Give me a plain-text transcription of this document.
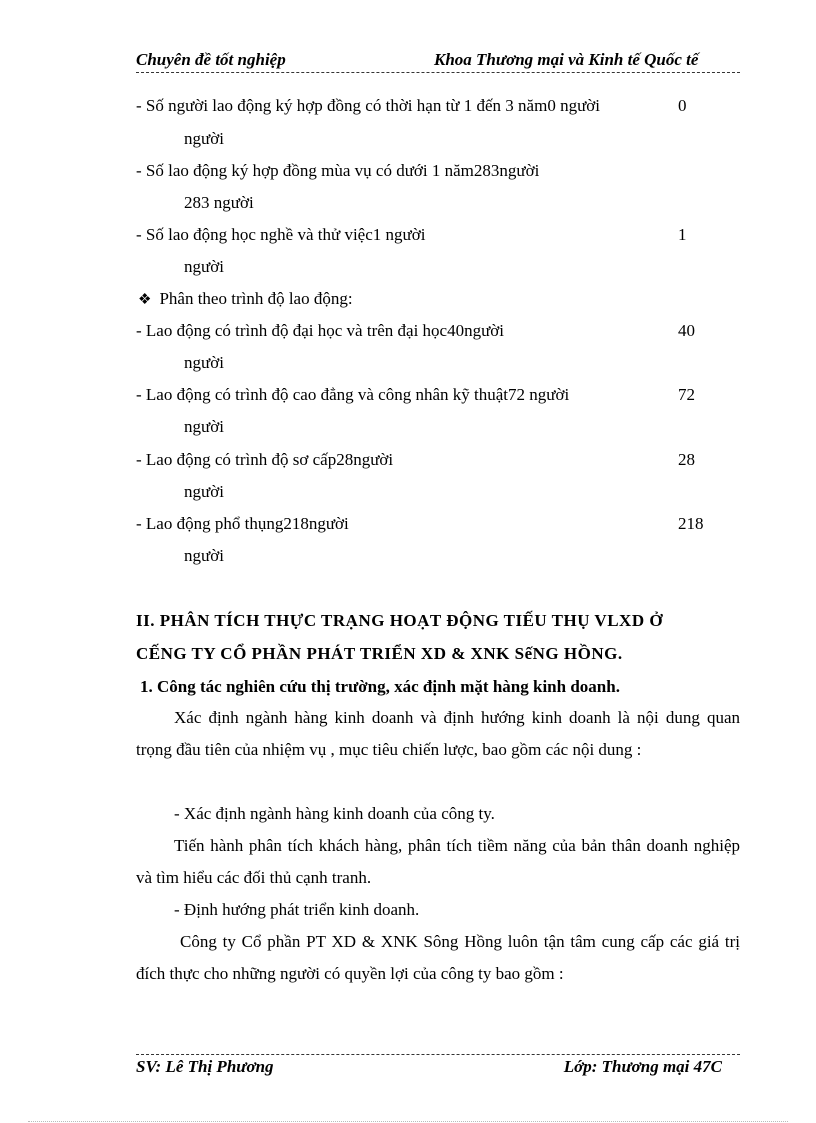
Chuyên đề tốt nghiệp	Khoa Thương mại và Kinh tế Quốc tế
- Số người lao động ký hợp đồng có thời hạn từ 1 đến 3 năm0 người	0
người
- Số lao động ký hợp đồng mùa vụ có dưới 1 năm283người
283 người
- Số lao động học nghề và thử việc1 người	1
người
❖ Phân theo trình độ lao động:
- Lao động có trình độ đại học và trên đại học40người	40
người
- Lao động có trình độ cao đẳng và công nhân kỹ thuật72 người	72
người
- Lao động có trình độ sơ cấp28người	28
người
- Lao động phổ thụng218người	218
người
II. PHÂN TÍCH THỰC TRẠNG HOẠT ĐỘNG TIẾU THỤ VLXD Ở
CẾNG TY CỔ PHẦN PHÁT TRIỂN XD & XNK SếNG HỒNG.
1. Công tác nghiên cứu thị trường, xác định mặt hàng kinh doanh.
Xác định ngành hàng kinh doanh và định hướng kinh doanh là nội dung quan trọng đầu tiên của nhiệm vụ , mục tiêu chiến lược, bao gồm các nội dung :
- Xác định ngành hàng kinh doanh của công ty.
Tiến hành phân tích khách hàng, phân tích tiềm năng của bản thân doanh nghiệp và tìm hiểu các đối thủ cạnh tranh.
- Định hướng phát triển kinh doanh.
Công ty Cổ phần PT XD & XNK Sông Hồng luôn tận tâm cung cấp các giá trị đích thực cho những người có quyền lợi của công ty bao gồm :
SV: Lê Thị Phương	Lớp: Thương mại 47C
